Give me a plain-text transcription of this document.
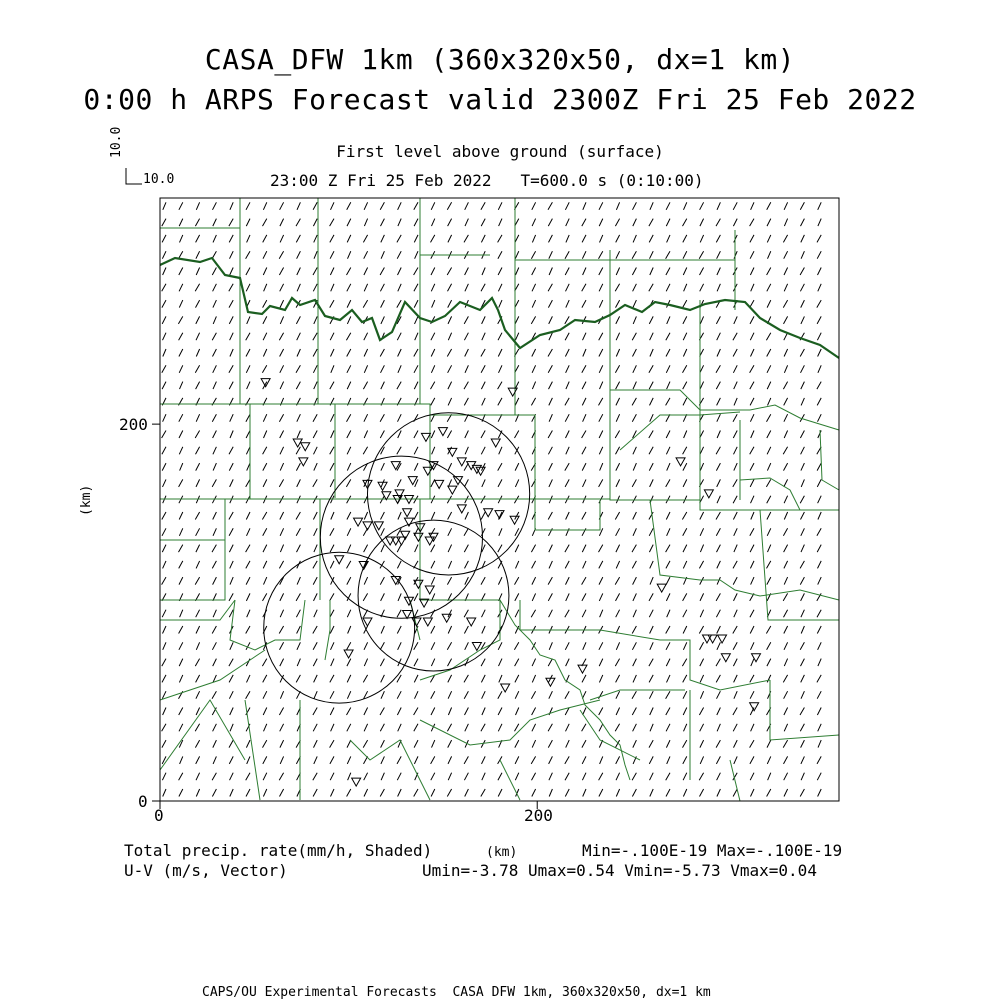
CASA_DFW 1km (360x320x50, dx=1 km)
0:00 h ARPS Forecast valid 2300Z Fri 25 Feb 2022
First level above ground (surface)
23:00 Z Fri 25 Feb 2022   T=600.0 s (0:10:00)
10.0
10.0
200
0
0	200
(km)
(km)
Total precip. rate(mm/h, Shaded)
U-V (m/s, Vector)
Min=-.100E-19 Max=-.100E-19
Umin=-3.78 Umax=0.54 Vmin=-5.73 Vmax=0.04
CAPS/OU Experimental Forecasts  CASA DFW 1km, 360x320x50, dx=1 km
